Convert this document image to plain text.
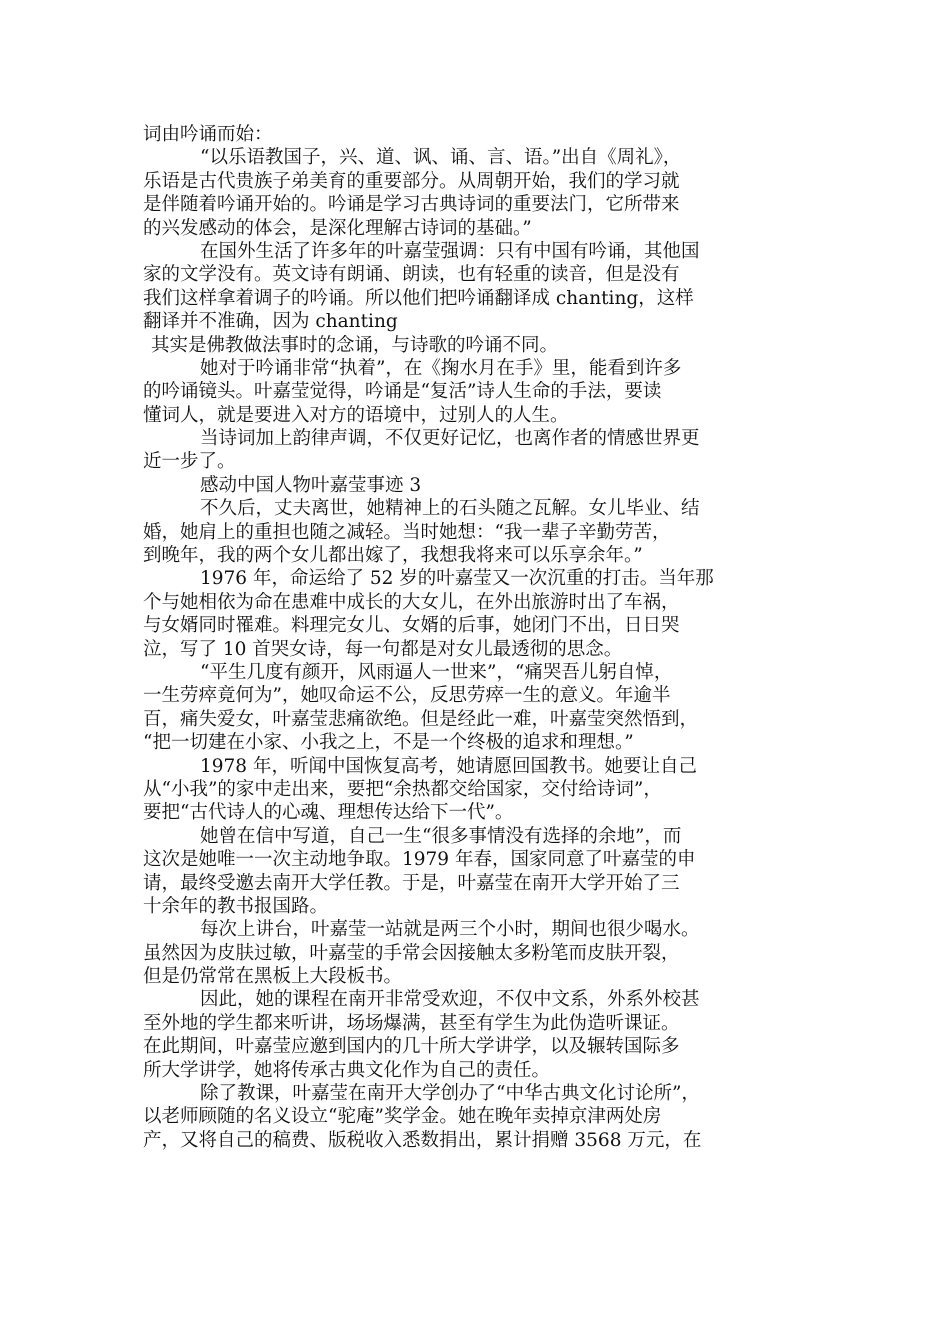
词由吟诵而始：
“以乐语教国子，兴、道、讽、诵、言、语。”出自《周礼》，
乐语是古代贵族子弟美育的重要部分。从周朝开始，我们的学习就
是伴随着吟诵开始的。吟诵是学习古典诗词的重要法门，它所带来
的兴发感动的体会，是深化理解古诗词的基础。”
在国外生活了许多年的叶嘉莹强调：只有中国有吟诵，其他国
家的文学没有。英文诗有朗诵、朗读，也有轻重的读音，但是没有
我们这样拿着调子的吟诵。所以他们把吟诵翻译成 chanting，这样
翻译并不准确，因为 chanting
其实是佛教做法事时的念诵，与诗歌的吟诵不同。
她对于吟诵非常“执着”，在《掬水月在手》里，能看到许多
的吟诵镜头。叶嘉莹觉得，吟诵是“复活”诗人生命的手法，要读
懂词人，就是要进入对方的语境中，过别人的人生。
当诗词加上韵律声调，不仅更好记忆，也离作者的情感世界更
近一步了。
感动中国人物叶嘉莹事迹 3
不久后，丈夫离世，她精神上的石头随之瓦解。女儿毕业、结
婚，她肩上的重担也随之减轻。当时她想：“我一辈子辛勤劳苦，
到晚年，我的两个女儿都出嫁了，我想我将来可以乐享余年。”
1976 年，命运给了 52 岁的叶嘉莹又一次沉重的打击。当年那
个与她相依为命在患难中成长的大女儿，在外出旅游时出了车祸，
与女婿同时罹难。料理完女儿、女婿的后事，她闭门不出，日日哭
泣，写了 10 首哭女诗，每一句都是对女儿最透彻的思念。
“平生几度有颜开，风雨逼人一世来”，“痛哭吾儿躬自悼，
一生劳瘁竟何为”，她叹命运不公，反思劳瘁一生的意义。年逾半
百，痛失爱女，叶嘉莹悲痛欲绝。但是经此一难，叶嘉莹突然悟到，
“把一切建在小家、小我之上，不是一个终极的追求和理想。”
1978 年，听闻中国恢复高考，她请愿回国教书。她要让自己
从“小我”的家中走出来，要把“余热都交给国家，交付给诗词”，
要把“古代诗人的心魂、理想传达给下一代”。
她曾在信中写道，自己一生“很多事情没有选择的余地”，而
这次是她唯一一次主动地争取。1979 年春，国家同意了叶嘉莹的申
请，最终受邀去南开大学任教。于是，叶嘉莹在南开大学开始了三
十余年的教书报国路。
每次上讲台，叶嘉莹一站就是两三个小时，期间也很少喝水。
虽然因为皮肤过敏，叶嘉莹的手常会因接触太多粉笔而皮肤开裂，
但是仍常常在黑板上大段板书。
因此，她的课程在南开非常受欢迎，不仅中文系，外系外校甚
至外地的学生都来听讲，场场爆满，甚至有学生为此伪造听课证。
在此期间，叶嘉莹应邀到国内的几十所大学讲学，以及辗转国际多
所大学讲学，她将传承古典文化作为自己的责任。
除了教课，叶嘉莹在南开大学创办了“中华古典文化讨论所”，
以老师顾随的名义设立“驼庵”奖学金。她在晚年卖掉京津两处房
产，又将自己的稿费、版税收入悉数捐出，累计捐赠 3568 万元，在
